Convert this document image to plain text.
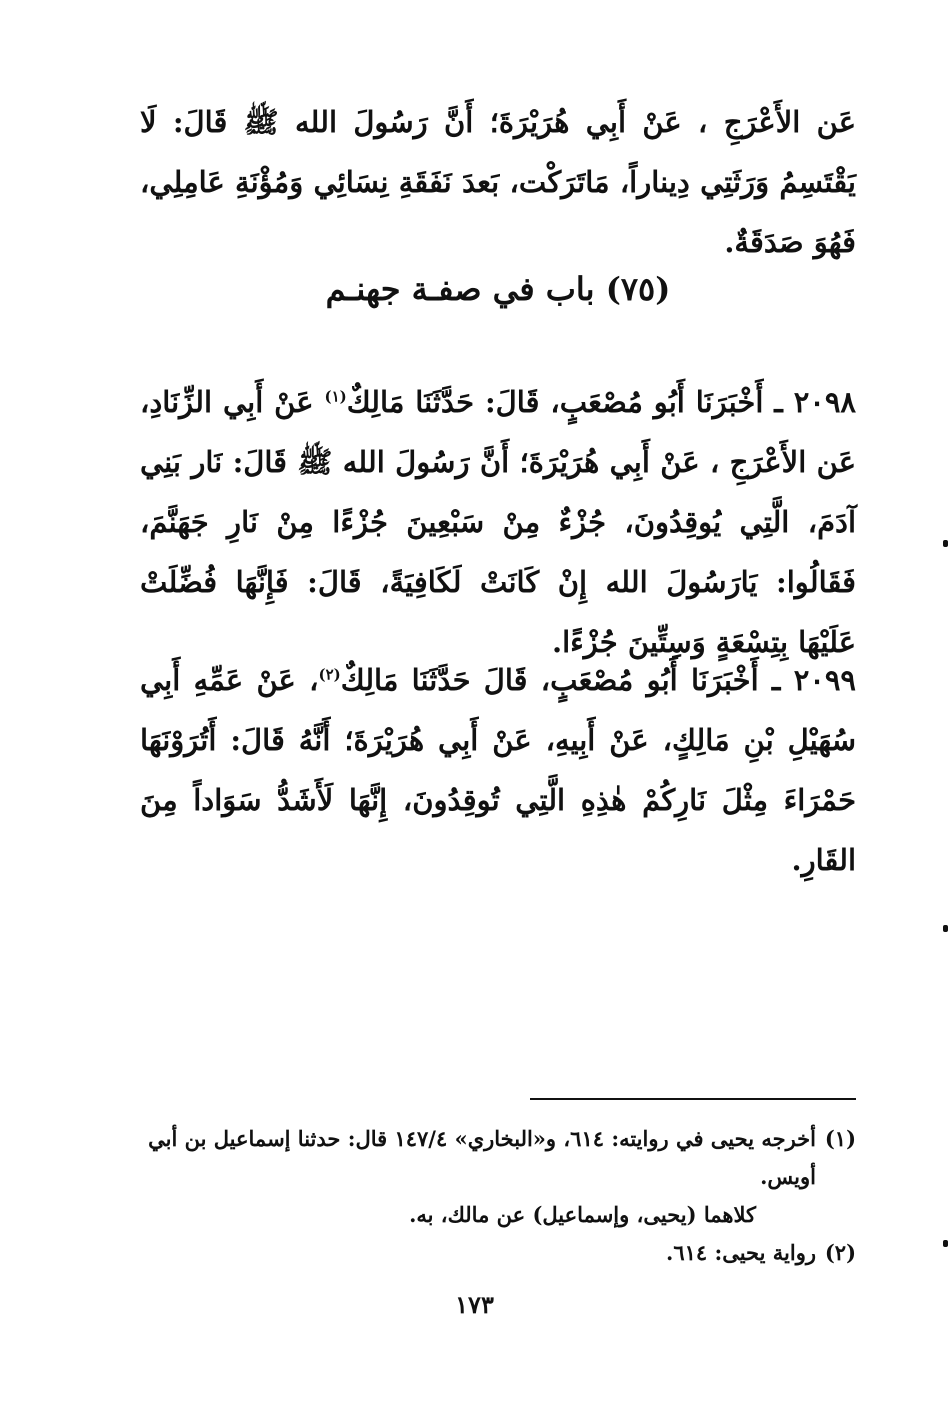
عَن الأَعْرَجِ ، عَنْ أَبِي هُرَيْرَةَ؛ أَنَّ رَسُولَ الله ﷺ قَالَ: لَا يَقْتَسِمُ وَرَثَتِي دِيناراً، مَاتَرَكْت، بَعدَ نَفَقَةِ نِسَائِي وَمُؤْنَةِ عَامِلِي، فَهُوَ صَدَقَةٌ.

(٧٥) باب في صفـة جهنـم

٢٠٩٨ ـ أَخْبَرَنَا أَبُو مُصْعَبٍ، قَالَ: حَدَّثَنَا مَالِكٌ$^{(١)}$ عَنْ أَبِي الزِّنَادِ، عَن الأَعْرَجِ ، عَنْ أَبِي هُرَيْرَةَ؛ أَنَّ رَسُولَ الله ﷺ قَالَ: نَار بَنِي آدَمَ، الَّتِي يُوقِدُونَ، جُزْءٌ مِنْ سَبْعِينَ جُزْءًا مِنْ نَارِ جَهَنَّمَ، فَقَالُوا: يَارَسُولَ الله إِنْ كَانَتْ لَكَافِيَةً، قَالَ: فَإِنَّهَا فُضِّلَتْ عَلَيْهَا بِتِسْعَةٍ وَسِتِّينَ جُزْءًا.

٢٠٩٩ ـ أَخْبَرَنَا أَبُو مُصْعَبٍ، قَالَ حَدَّثَنَا مَالِكٌ$^{(٢)}$، عَنْ عَمِّهِ أَبِي سُهَيْلِ بْنِ مَالِكٍ، عَنْ أَبِيهِ، عَنْ أَبِي هُرَيْرَةَ؛ أَنَّهُ قَالَ: أَتُرَوْنَهَا حَمْرَاءَ مِثْلَ نَارِكُمْ هٰذِهِ الَّتِي تُوقِدُونَ، إِنَّهَا لَأَشَدُّ سَوَاداً مِنَ القَارِ.

(١)أخرجه يحيى في روايته: ٦١٤، و«البخاري» ١٤٧/٤ قال: حدثنا إسماعيل بن أبي
أويس.
كلاهما (يحيى، وإسماعيل) عن مالك، به.
(٢)رواية يحيى: ٦١٤.
١٧٣
